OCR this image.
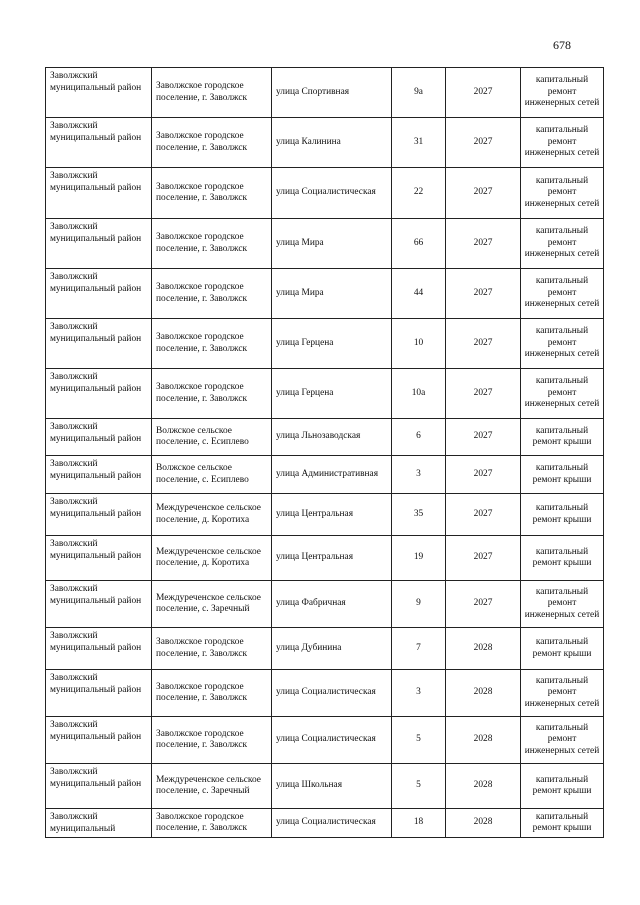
678
Заволжский муниципальный район	Заволжское городское поселение, г. Заволжск	улица Спортивная	9а	2027	капитальный ремонт инженерных сетей
Заволжский муниципальный район	Заволжское городское поселение, г. Заволжск	улица Калинина	31	2027	капитальный ремонт инженерных сетей
Заволжский муниципальный район	Заволжское городское поселение, г. Заволжск	улица Социалистическая	22	2027	капитальный ремонт инженерных сетей
Заволжский муниципальный район	Заволжское городское поселение, г. Заволжск	улица Мира	66	2027	капитальный ремонт инженерных сетей
Заволжский муниципальный район	Заволжское городское поселение, г. Заволжск	улица Мира	44	2027	капитальный ремонт инженерных сетей
Заволжский муниципальный район	Заволжское городское поселение, г. Заволжск	улица Герцена	10	2027	капитальный ремонт инженерных сетей
Заволжский муниципальный район	Заволжское городское поселение, г. Заволжск	улица Герцена	10а	2027	капитальный ремонт инженерных сетей
Заволжский муниципальный район	Волжское сельское поселение, с. Есиплево	улица Льнозаводская	6	2027	капитальный ремонт крыши
Заволжский муниципальный район	Волжское сельское поселение, с. Есиплево	улица Административная	3	2027	капитальный ремонт крыши
Заволжский муниципальный район	Междуреченское сельское поселение, д. Коротиха	улица Центральная	35	2027	капитальный ремонт крыши
Заволжский муниципальный район	Междуреченское сельское поселение, д. Коротиха	улица Центральная	19	2027	капитальный ремонт крыши
Заволжский муниципальный район	Междуреченское сельское поселение, с. Заречный	улица Фабричная	9	2027	капитальный ремонт инженерных сетей
Заволжский муниципальный район	Заволжское городское поселение, г. Заволжск	улица Дубинина	7	2028	капитальный ремонт крыши
Заволжский муниципальный район	Заволжское городское поселение, г. Заволжск	улица Социалистическая	3	2028	капитальный ремонт инженерных сетей
Заволжский муниципальный район	Заволжское городское поселение, г. Заволжск	улица Социалистическая	5	2028	капитальный ремонт инженерных сетей
Заволжский муниципальный район	Междуреченское сельское поселение, с. Заречный	улица Школьная	5	2028	капитальный ремонт крыши
Заволжский муниципальный	Заволжское городское поселение, г. Заволжск	улица Социалистическая	18	2028	капитальный ремонт крыши
